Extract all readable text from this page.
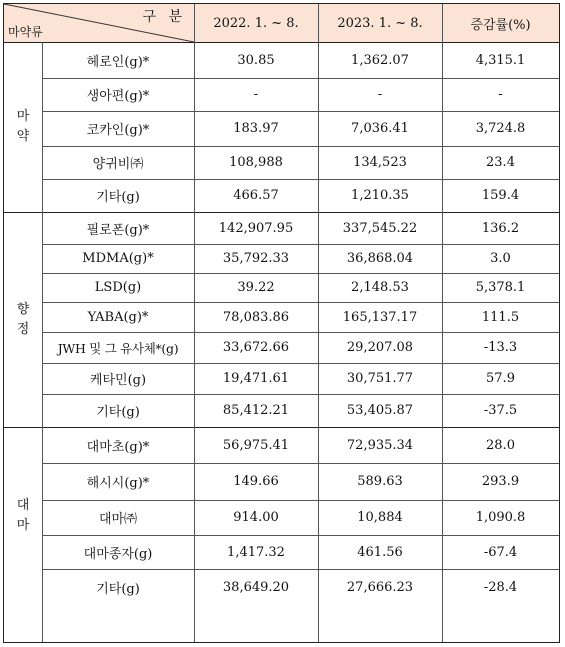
구 분
마약류
2022. 1. ~ 8.	2023. 1. ~ 8.	증감률(%)
헤로인(g)*	30.85	1,362.07	4,315.1
생아편(g)*	-	-	-
코카인(g)*	183.97	7,036.41	3,724.8
양귀비㈜	108,988	134,523	23.4
기타(g)	466.57	1,210.35	159.4
마
약
필로폰(g)*	142,907.95	337,545.22	136.2
MDMA(g)*	35,792.33	36,868.04	3.0
LSD(g)	39.22	2,148.53	5,378.1
YABA(g)*	78,083.86	165,137.17	111.5
JWH 및 그 유사체*(g)	33,672.66	29,207.08	-13.3
케타민(g)	19,471.61	30,751.77	57.9
기타(g)	85,412.21	53,405.87	-37.5
향
정
대마초(g)*	56,975.41	72,935.34	28.0
해시시(g)*	149.66	589.63	293.9
대마㈜	914.00	10,884	1,090.8
대마종자(g)	1,417.32	461.56	-67.4
기타(g)	38,649.20	27,666.23	-28.4
대
마
